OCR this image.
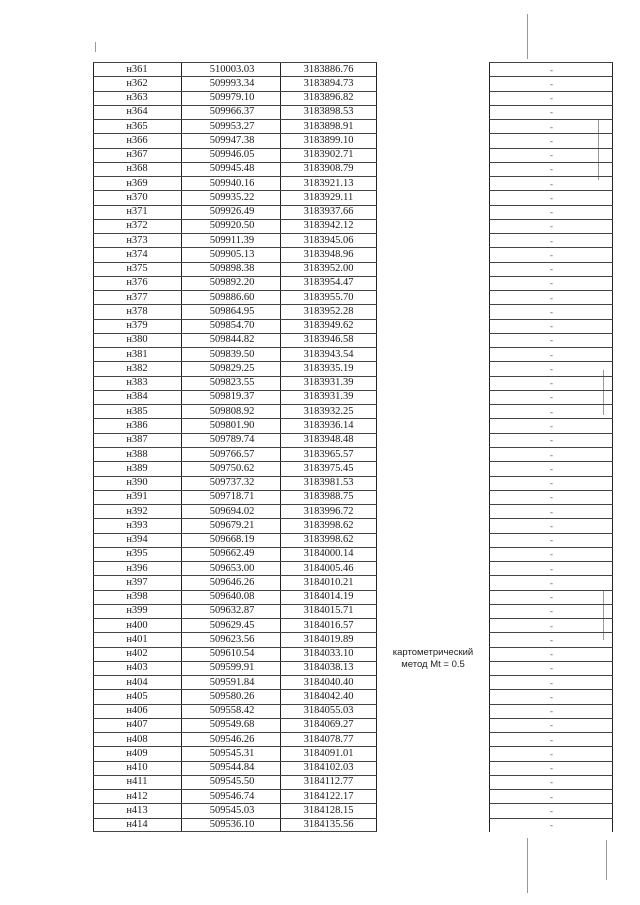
н361	510003.03	3183886.76	-
н362	509993.34	3183894.73	-
н363	509979.10	3183896.82	-
н364	509966.37	3183898.53	-
н365	509953.27	3183898.91	-
н366	509947.38	3183899.10	-
н367	509946.05	3183902.71	-
н368	509945.48	3183908.79	-
н369	509940.16	3183921.13	-
н370	509935.22	3183929.11	-
н371	509926.49	3183937.66	-
н372	509920.50	3183942.12	-
н373	509911.39	3183945.06	-
н374	509905.13	3183948.96	-
н375	509898.38	3183952.00	-
н376	509892.20	3183954.47	-
н377	509886.60	3183955.70	-
н378	509864.95	3183952.28	-
н379	509854.70	3183949.62	-
н380	509844.82	3183946.58	-
н381	509839.50	3183943.54	-
н382	509829.25	3183935.19	-
н383	509823.55	3183931.39	-
н384	509819.37	3183931.39	-
н385	509808.92	3183932.25	-
н386	509801.90	3183936.14	-
н387	509789.74	3183948.48	-
н388	509766.57	3183965.57	-
н389	509750.62	3183975.45	-
н390	509737.32	3183981.53	-
н391	509718.71	3183988.75	-
н392	509694.02	3183996.72	-
н393	509679.21	3183998.62	-
н394	509668.19	3183998.62	-
н395	509662.49	3184000.14	-
н396	509653.00	3184005.46	-
н397	509646.26	3184010.21	-
н398	509640.08	3184014.19	-
н399	509632.87	3184015.71	-
н400	509629.45	3184016.57	-
н401	509623.56	3184019.89	-
н402	509610.54	3184033.10	-
н403	509599.91	3184038.13	-
н404	509591.84	3184040.40	-
н405	509580.26	3184042.40	-
н406	509558.42	3184055.03	-
н407	509549.68	3184069.27	-
н408	509546.26	3184078.77	-
н409	509545.31	3184091.01	-
н410	509544.84	3184102.03	-
н411	509545.50	3184112.77	-
н412	509546.74	3184122.17	-
н413	509545.03	3184128.15	-
н414	509536.10	3184135.56	-
картометрический
метод Mt = 0.5
